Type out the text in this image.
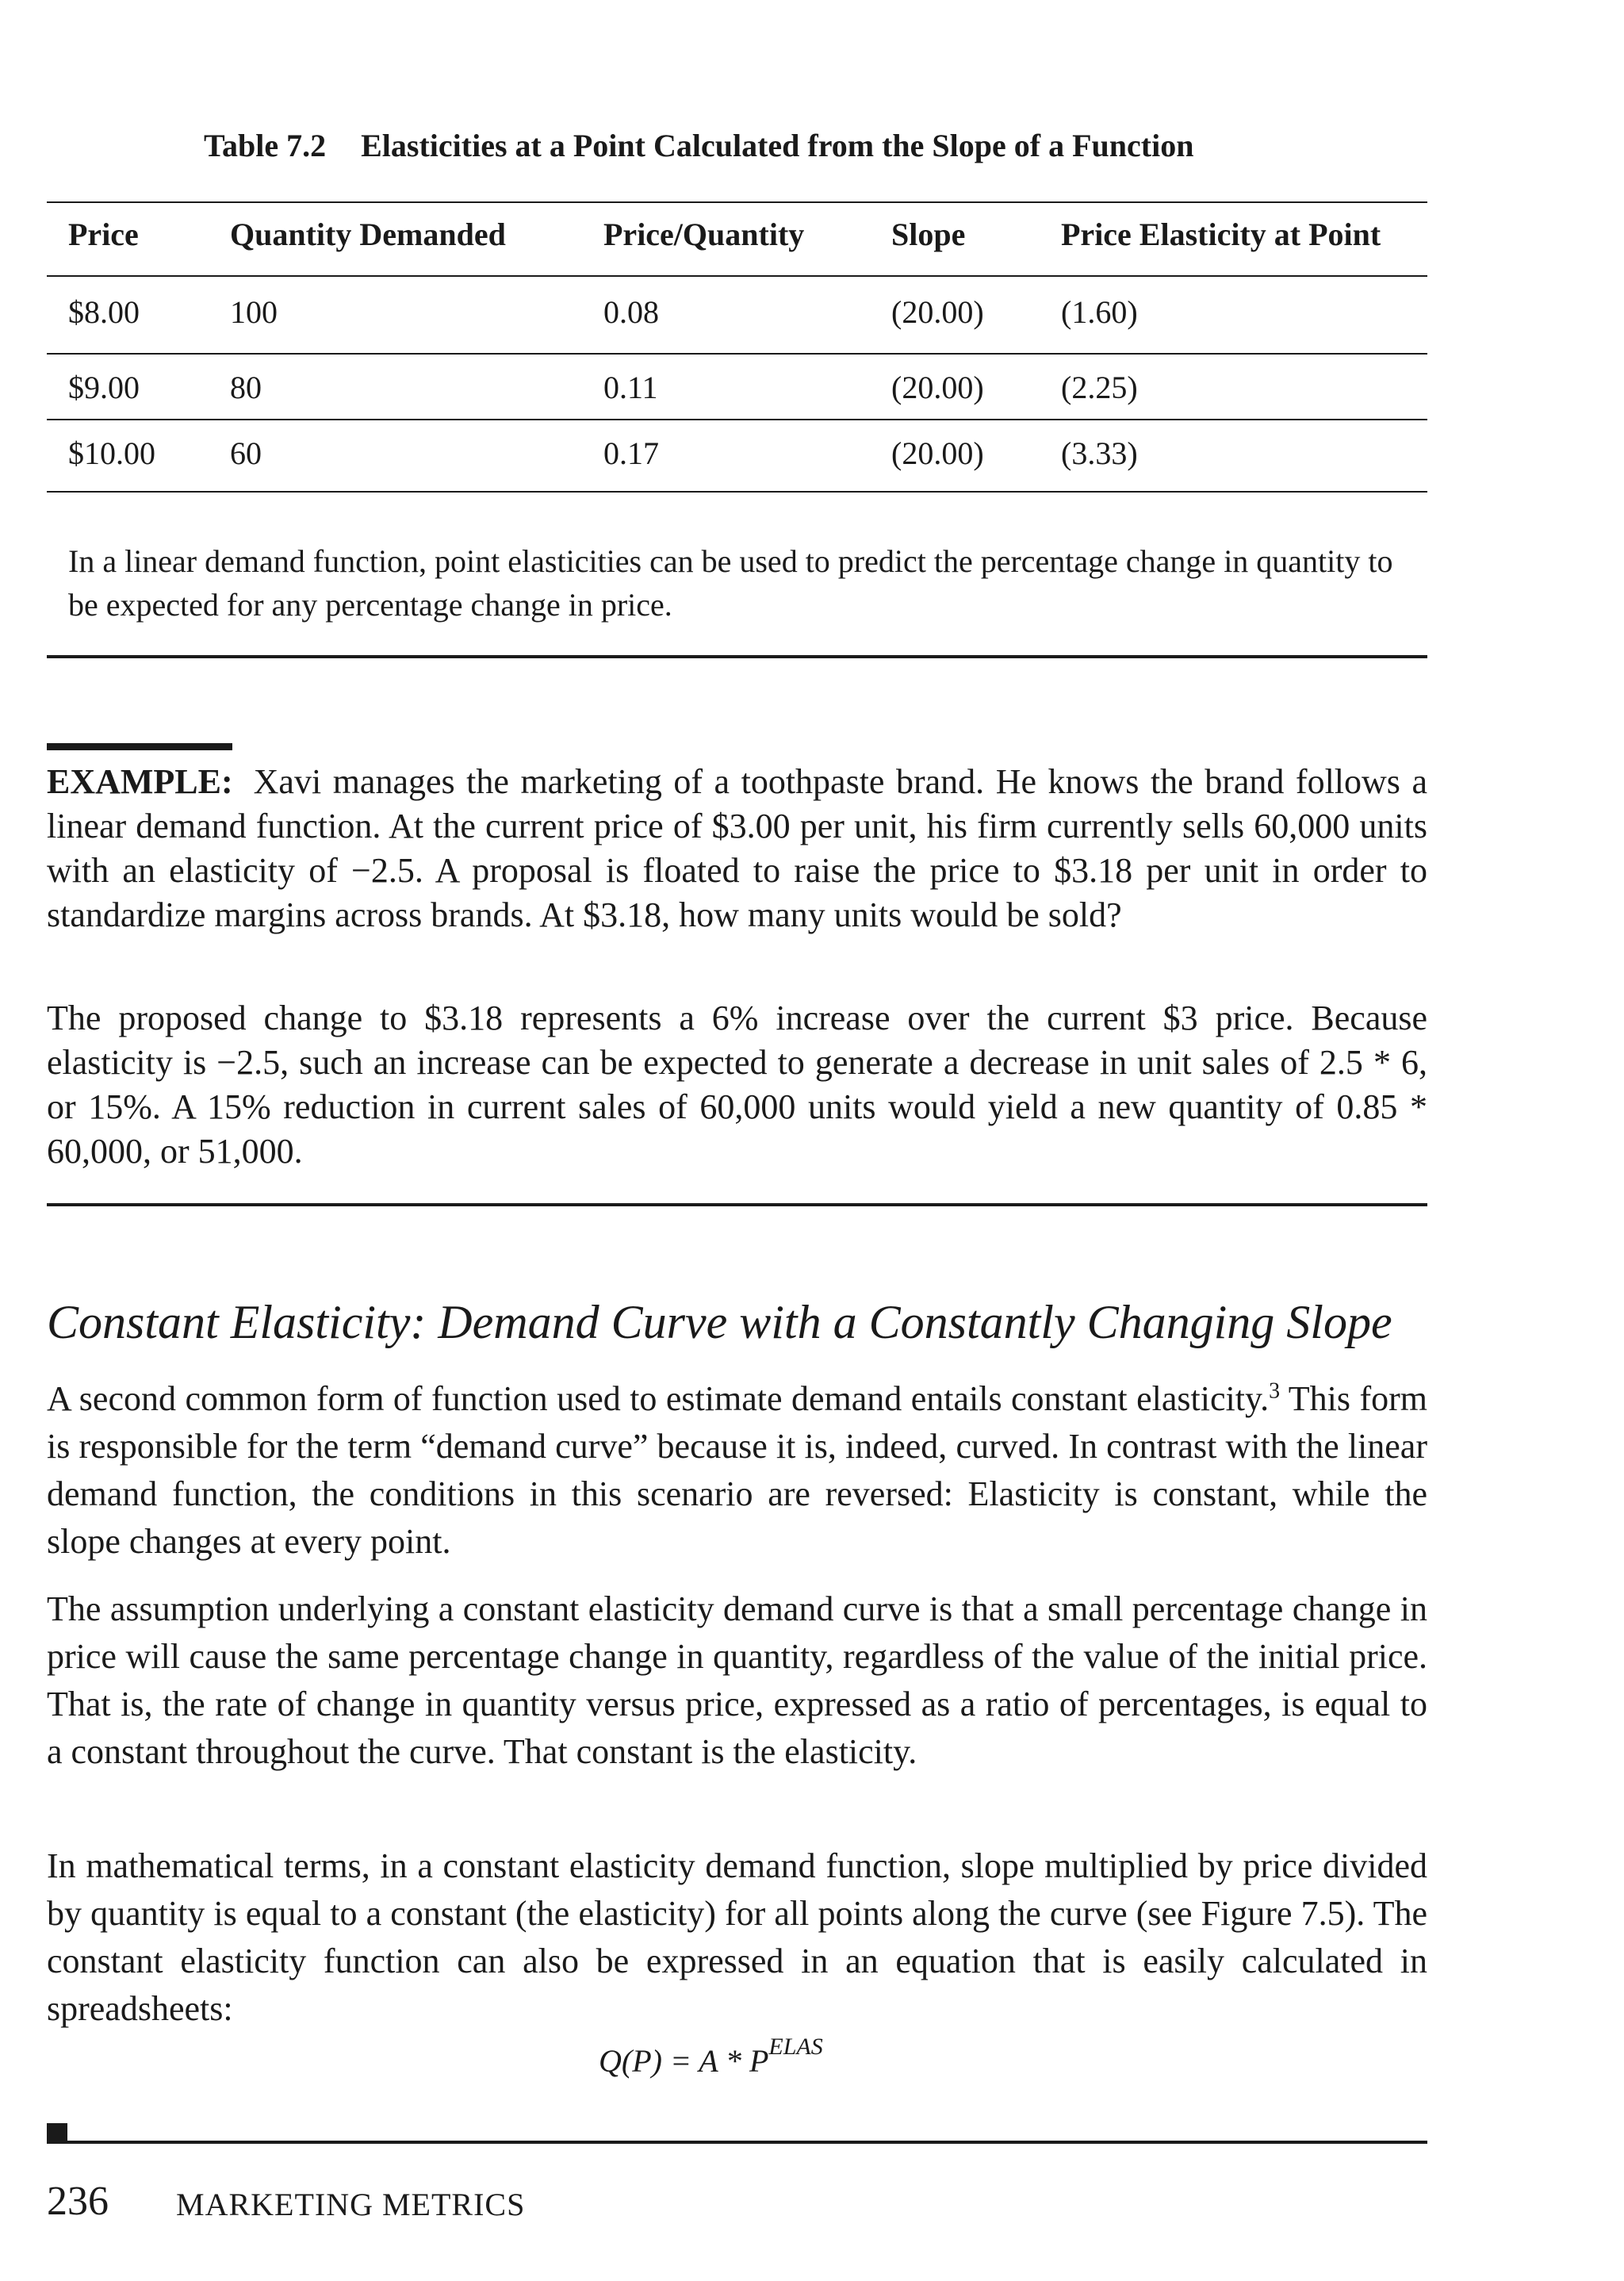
Table 7.2 Elasticities at a Point Calculated from the Slope of a Function
Price	Quantity Demanded	Price/Quantity	Slope	Price Elasticity at Point
$8.00	100	0.08	(20.00) (1.60)
$9.00	80	0.11	(20.00) (2.25)
$10.00 60	0.17	(20.00) (3.33)
In a linear demand function, point elasticities can be used to predict the percentage change in quantity to be expected for any percentage change in price.
EXAMPLE: Xavi manages the marketing of a toothpaste brand. He knows the brand follows a linear demand function. At the current price of $3.00 per unit, his firm currently sells 60,000 units with an elasticity of −2.5. A proposal is floated to raise the price to $3.18 per unit in order to standardize margins across brands. At $3.18, how many units would be sold?
The proposed change to $3.18 represents a 6% increase over the current $3 price. Because elasticity is −2.5, such an increase can be expected to generate a decrease in unit sales of 2.5 * 6, or 15%. A 15% reduction in current sales of 60,000 units would yield a new quantity of 0.85 * 60,000, or 51,000.
Constant Elasticity: Demand Curve with a Constantly Changing Slope
A second common form of function used to estimate demand entails constant elasticity.$^3$ This form is responsible for the term “demand curve” because it is, indeed, curved. In contrast with the linear demand function, the conditions in this scenario are reversed: Elasticity is constant, while the slope changes at every point.
The assumption underlying a constant elasticity demand curve is that a small percentage change in price will cause the same percentage change in quantity, regardless of the value of the initial price. That is, the rate of change in quantity versus price, expressed as a ratio of percentages, is equal to a constant throughout the curve. That constant is the elasticity.
In mathematical terms, in a constant elasticity demand function, slope multiplied by price divided by quantity is equal to a constant (the elasticity) for all points along the curve (see Figure 7.5). The constant elasticity function can also be expressed in an equation that is easily calculated in spreadsheets:
$Q(P) = A * P^{ELAS}$
236 MARKETING METRICS
